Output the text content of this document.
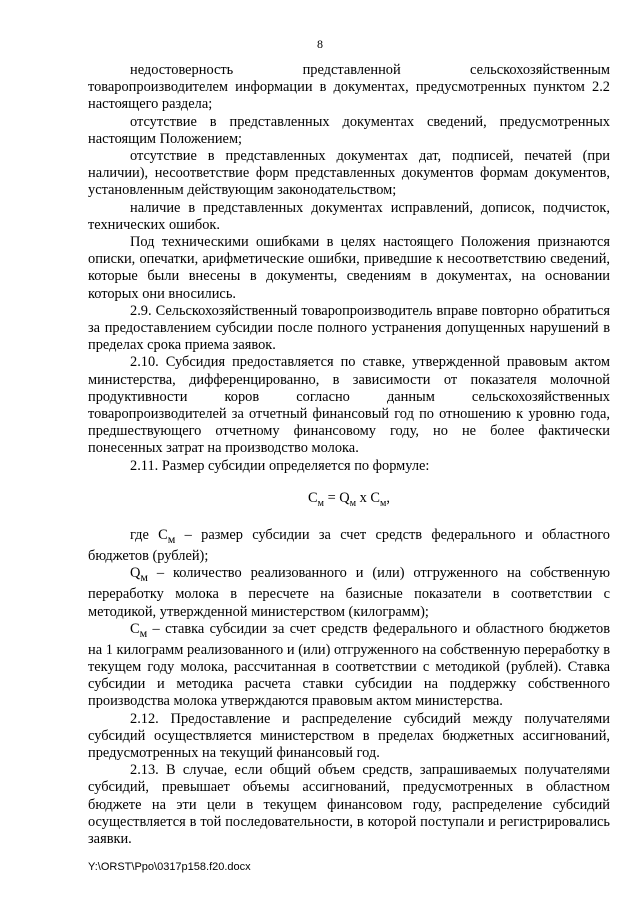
8

недостоверность представленной сельскохозяйственным товаропроизводителем информации в документах, предусмотренных пунктом 2.2 настоящего раздела;

отсутствие в представленных документах сведений, предусмотренных настоящим Положением;

отсутствие в представленных документах дат, подписей, печатей (при наличии), несоответствие форм представленных документов формам документов, установленным действующим законодательством;

наличие в представленных документах исправлений, дописок, подчисток, технических ошибок.

Под техническими ошибками в целях настоящего Положения признаются описки, опечатки, арифметические ошибки, приведшие к несоответствию сведений, которые были внесены в документы, сведениям в документах, на основании которых они вносились.

2.9. Сельскохозяйственный товаропроизводитель вправе повторно обратиться за предоставлением субсидии после полного устранения допущенных нарушений в пределах срока приема заявок.

2.10. Субсидия предоставляется по ставке, утвержденной правовым актом министерства, дифференцированно, в зависимости от показателя молочной продуктивности коров согласно данным сельскохозяйственных товаропроизводителей за отчетный финансовый год по отношению к уровню года, предшествующего отчетному финансовому году, но не более фактически понесенных затрат на производство молока.

2.11. Размер субсидии определяется по формуле:

$С_м = Q_м$ x $С_м$,

где $С_м$ – размер субсидии за счет средств федерального и областного бюджетов (рублей);

$Q_м$ – количество реализованного и (или) отгруженного на собственную переработку молока в пересчете на базисные показатели в соответствии с методикой, утвержденной министерством (килограмм);

$С_м$ – ставка субсидии за счет средств федерального и областного бюджетов на 1 килограмм реализованного и (или) отгруженного на собственную переработку в текущем году молока, рассчитанная в соответствии с методикой (рублей). Ставка субсидии и методика расчета ставки субсидии на поддержку собственного производства молока утверждаются правовым актом министерства.

2.12. Предоставление и распределение субсидий между получателями субсидий осуществляется министерством в пределах бюджетных ассигнований, предусмотренных на текущий финансовый год.

2.13. В случае, если общий объем средств, запрашиваемых получателями субсидий, превышает объемы ассигнований, предусмотренных в областном бюджете на эти цели в текущем финансовом году, распределение субсидий осуществляется в той последовательности, в которой поступали и регистрировались заявки.

Y:\ORST\Ppo\0317p158.f20.docx
